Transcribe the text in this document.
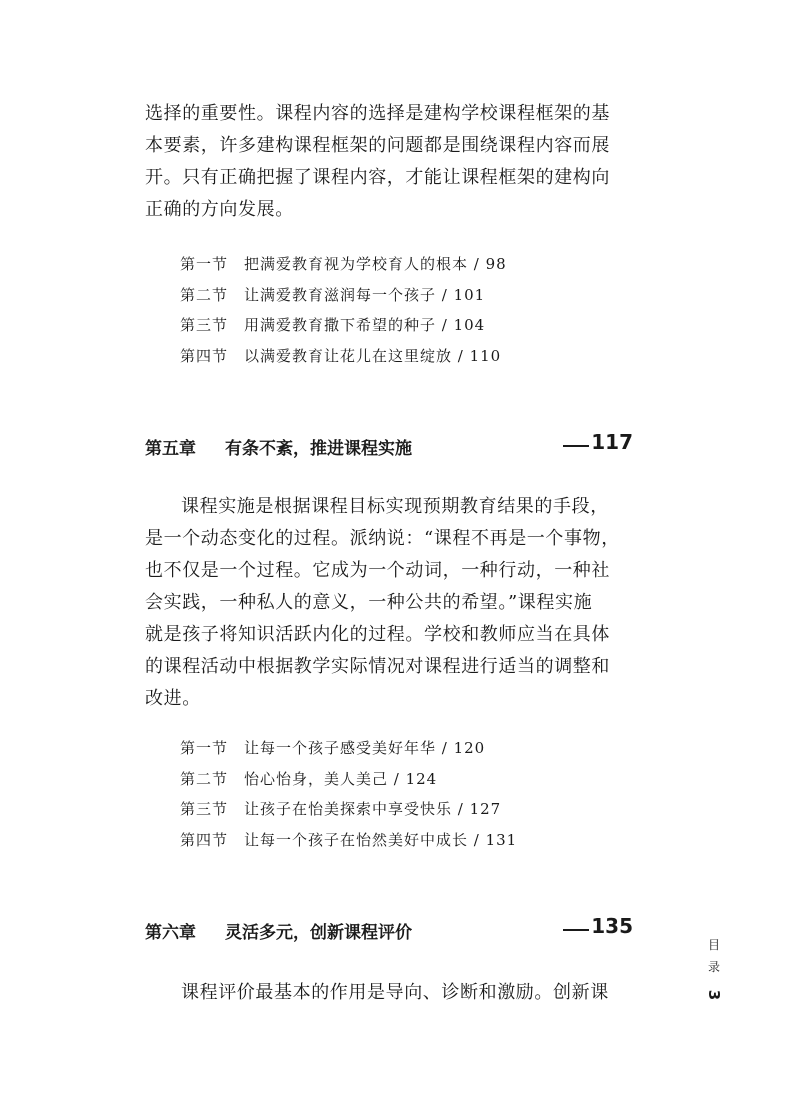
选择的重要性。课程内容的选择是建构学校课程框架的基
本要素，许多建构课程框架的问题都是围绕课程内容而展
开。只有正确把握了课程内容，才能让课程框架的建构向
正确的方向发展。

第一节 把满爱教育视为学校育人的根本 / 98
第二节 让满爱教育滋润每一个孩子 / 101
第三节 用满爱教育撒下希望的种子 / 104
第四节 以满爱教育让花儿在这里绽放 / 110
第五章 有条不紊，推进课程实施	117

课程实施是根据课程目标实现预期教育结果的手段，
是一个动态变化的过程。派纳说：“课程不再是一个事物，
也不仅是一个过程。它成为一个动词，一种行动，一种社
会实践，一种私人的意义，一种公共的希望。”课程实施
就是孩子将知识活跃内化的过程。学校和教师应当在具体
的课程活动中根据教学实际情况对课程进行适当的调整和
改进。

第一节 让每一个孩子感受美好年华 / 120
第二节 怡心怡身，美人美己 / 124
第三节 让孩子在怡美探索中享受快乐 / 127
第四节 让每一个孩子在怡然美好中成长 / 131
第六章 灵活多元，创新课程评价	135

课程评价最基本的作用是导向、诊断和激励。创新课

目
录
3
